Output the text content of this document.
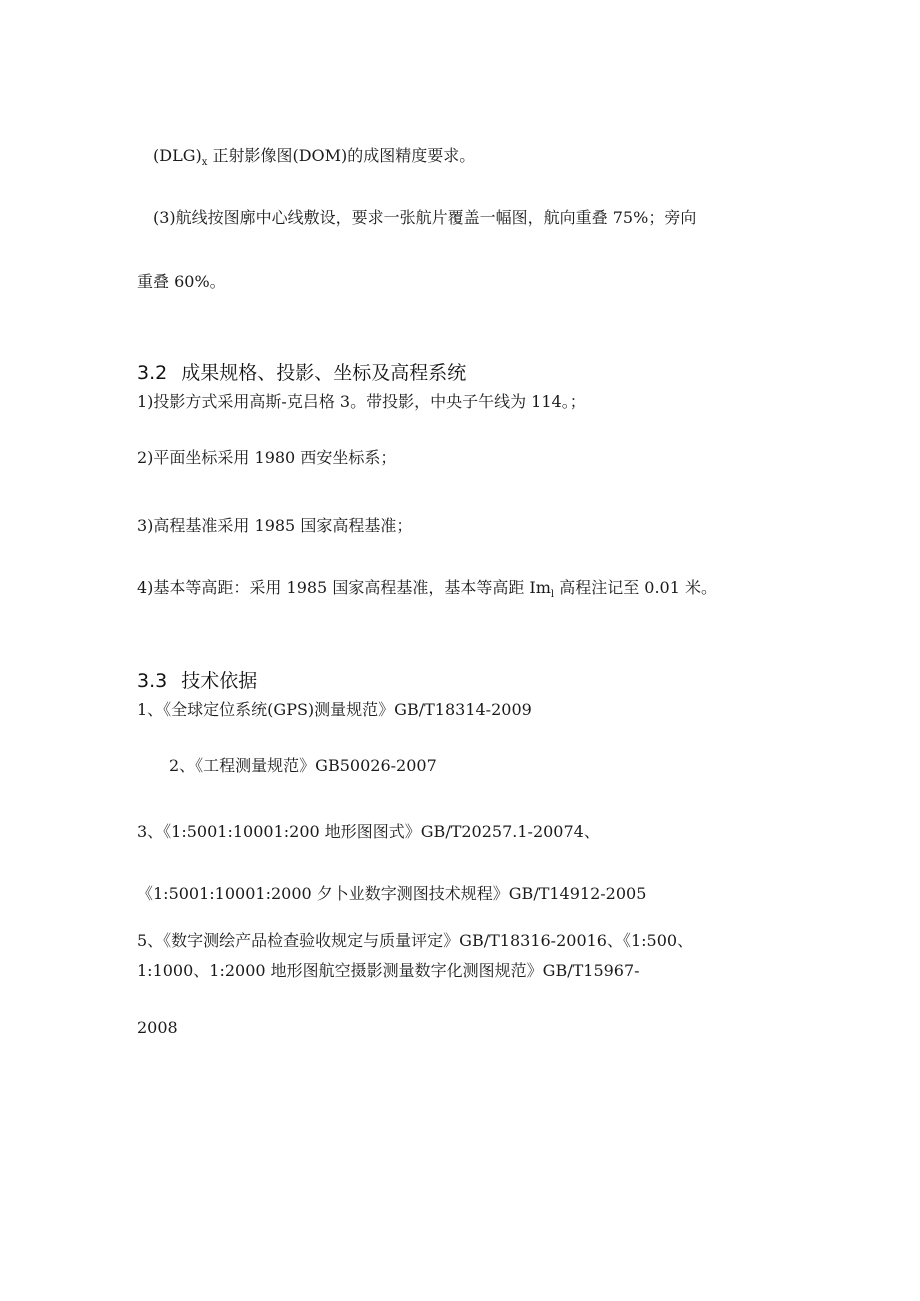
$(DLG)_x$ 正射影像图(DOM)的成图精度要求。
(3)航线按图廓中心线敷设，要求一张航片覆盖一幅图，航向重叠 75%；旁向
重叠 60%。
3.2 成果规格、投影、坐标及高程系统
1)投影方式采用高斯-克吕格 3。带投影，中央子午线为 114。；
2)平面坐标采用 1980 西安坐标系；
3)高程基准采用 1985 国家高程基准；
4)基本等高距：采用 1985 国家高程基准，基本等高距 $Im_l$ 高程注记至 0.01 米。
3.3 技术依据
1、《全球定位系统(GPS)测量规范》GB/T18314-2009
2、《工程测量规范》GB50026-2007
3、《1:5001:10001:200 地形图图式》GB/T20257.1-20074、
《1:5001:10001:2000 夕卜业数字测图技术规程》GB/T14912-2005
5、《数字测绘产品检查验收规定与质量评定》GB/T18316-20016、《1:500、
1:1000、1:2000 地形图航空摄影测量数字化测图规范》GB/T15967-
2008
